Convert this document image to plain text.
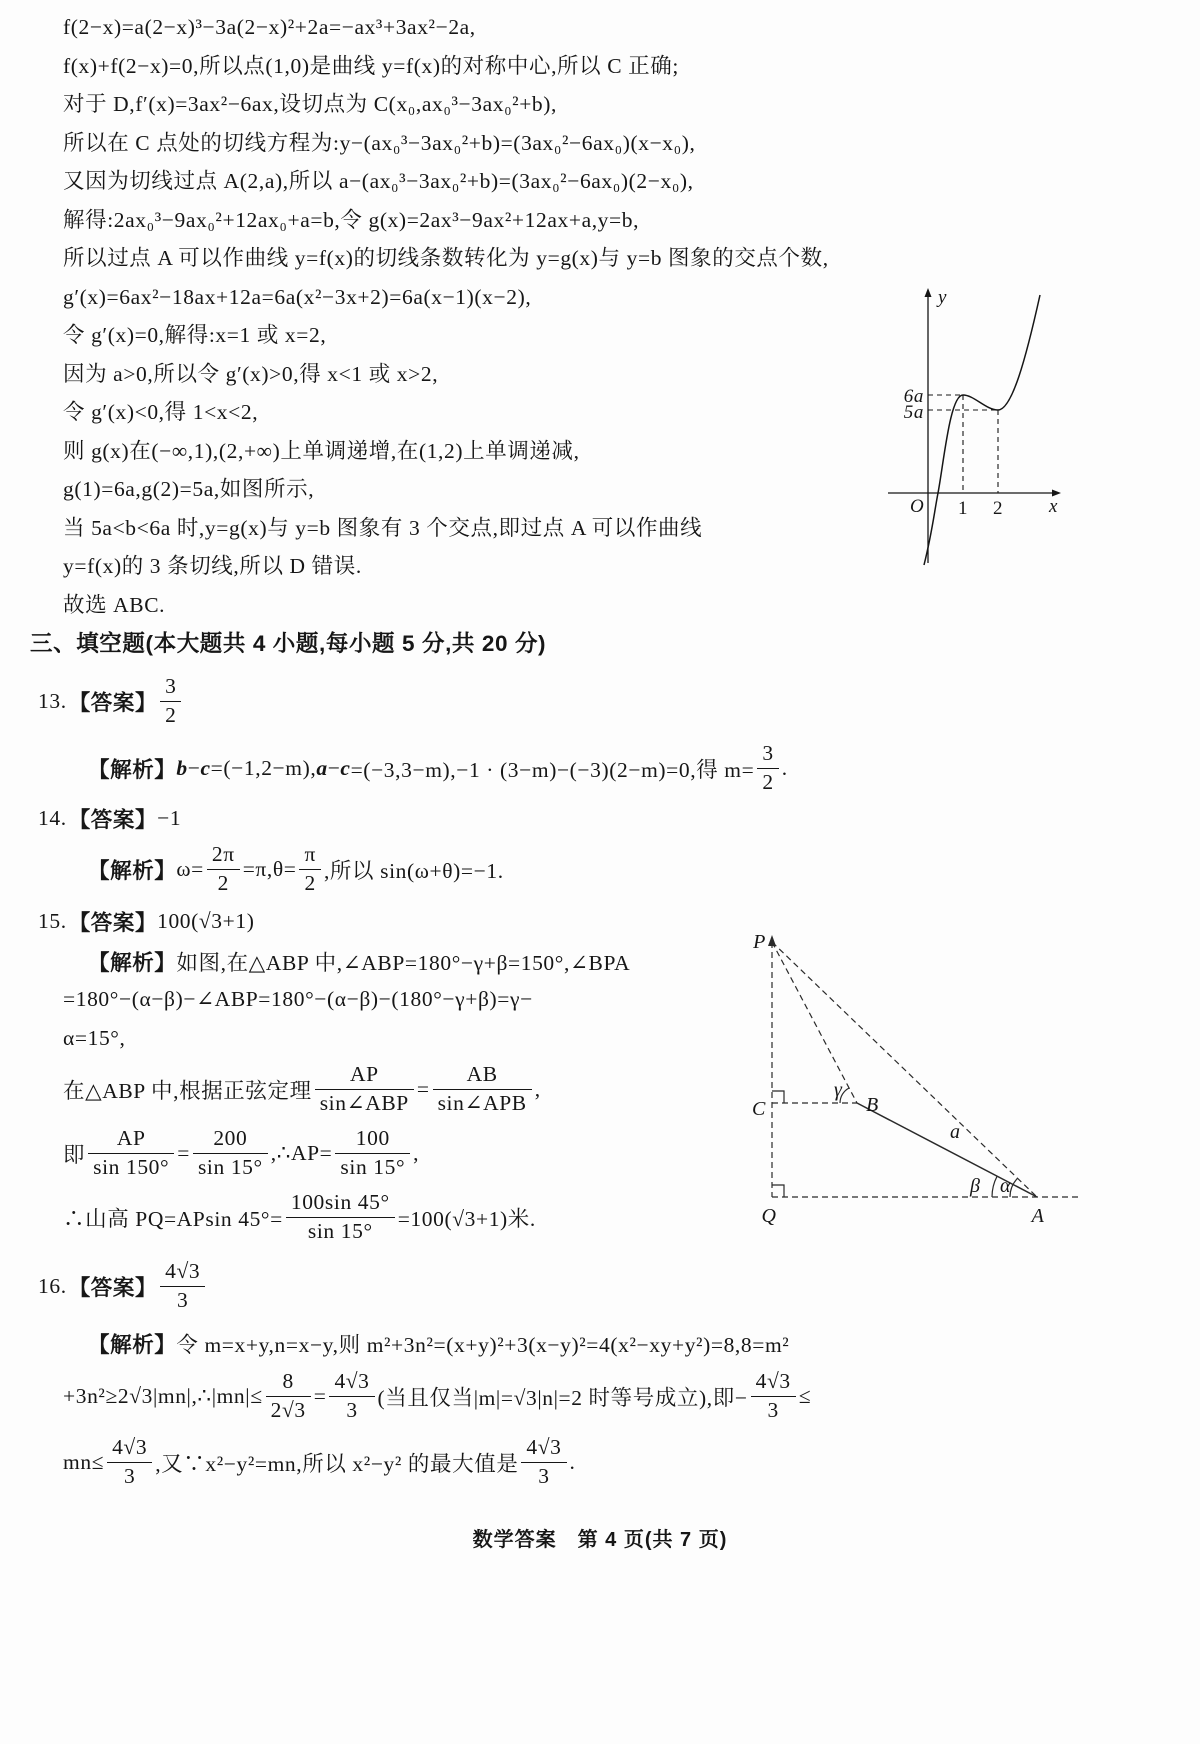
f(2−x)=a(2−x)³−3a(2−x)²+2a=−ax³+3ax²−2a,
f(x)+f(2−x)=0,所以点(1,0)是曲线 y=f(x)的对称中心,所以 C 正确;
对于 D,f′(x)=3ax²−6ax,设切点为 C(x₀,ax₀³−3ax₀²+b),
所以在 C 点处的切线方程为:y−(ax₀³−3ax₀²+b)=(3ax₀²−6ax₀)(x−x₀),
又因为切线过点 A(2,a),所以 a−(ax₀³−3ax₀²+b)=(3ax₀²−6ax₀)(2−x₀),
解得:2ax₀³−9ax₀²+12ax₀+a=b,令 g(x)=2ax³−9ax²+12ax+a,y=b,
所以过点 A 可以作曲线 y=f(x)的切线条数转化为 y=g(x)与 y=b 图象的交点个数,
g′(x)=6ax²−18ax+12a=6a(x²−3x+2)=6a(x−1)(x−2),
令 g′(x)=0,解得:x=1 或 x=2,
因为 a>0,所以令 g′(x)>0,得 x<1 或 x>2,
令 g′(x)<0,得 1<x<2,
则 g(x)在(−∞,1),(2,+∞)上单调递增,在(1,2)上单调递减,
g(1)=6a,g(2)=5a,如图所示,
当 5a<b<6a 时,y=g(x)与 y=b 图象有 3 个交点,即过点 A 可以作曲线
y=f(x)的 3 条切线,所以 D 错误.
故选 ABC.
三、填空题(本大题共 4 小题,每小题 5 分,共 20 分)
13. 【答案】 $\frac{3}{2}$
【解析】 b − c =(−1,2−m), a − c =(−3,3−m),−1 · (3−m)−(−3)(2−m)=0,得 $m= \frac{3}{2}$ .
14. 【答案】 −1
【解析】 $\omega= \frac{2\pi}{2} =\pi,\theta= \frac{\pi}{2}$ ,所以 sin(ω+θ)=−1.
15. 【答案】 100(√3+1)
【解析】 如图,在△ABP 中,∠ABP=180°−γ+β=150°,∠BPA
=180°−(α−β)−∠ABP=180°−(α−β)−(180°−γ+β)=γ−
α=15°,
在△ABP 中,根据正弦定理 $\frac{AP}{\text{sin∠ABP}} = \frac{AB}{\text{sin∠APB}}$ ,
即 $\frac{AP}{\sin 150^\circ} = \frac{200}{\sin 15^\circ}$ ,∴AP= $\frac{100}{\sin 15^\circ}$ ,
∴山高 PQ=APsin $45^\circ= \frac{100\sin 45^\circ}{\sin 15^\circ} =100(√3+1)$米.
16. 【答案】 $\frac{4√3}{3}$
【解析】 令 m=x+y,n=x−y,则 m²+3n²=(x+y)²+3(x−y)²=4(x²−xy+y²)=8,8=m²
+3n²≥2√3|mn|,∴|mn|≤ $\frac{8}{2√3} = \frac{4√3}{3}$ (当且仅当|m|=√3|n|=2 时等号成立),即− $\frac{4√3}{3}$ ≤
$mn\le \frac{4√3}{3}$ ,又∵x²−y²=mn,所以 x²−y² 的最大值是 $\frac{4√3}{3}$ .
y
x
O
6a
5a
1 2
P
Q
C	B
A
a
γ
β α
数学答案　第 4 页(共 7 页)
